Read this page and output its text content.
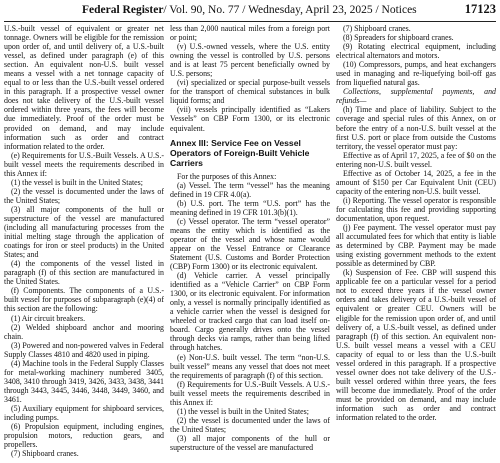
Federal Register/ Vol. 90, No. 77 / Wednesday, April 23, 2025 / Notices	17123

U.S.-built vessel of equivalent or greater net tonnage. Owners will be eligible for the remission upon order of, and until delivery of, a U.S.-built vessel, as defined under paragraph (e) of this section. An equivalent non-U.S. built vessel means a vessel with a net tonnage capacity of equal to or less than the U.S.-built vessel ordered in this paragraph. If a prospective vessel owner does not take delivery of the U.S.-built vessel ordered within three years, the fees will become due immediately. Proof of the order must be provided on demand, and may include information such as order and contract information related to the order.

(e) Requirements for U.S.-Built Vessels. A U.S.-built vessel meets the requirements described in this Annex if:

(1) the vessel is built in the United States;

(2) the vessel is documented under the laws of the United States;

(3) all major components of the hull or superstructure of the vessel are manufactured (including all manufacturing processes from the initial melting stage through the application of coatings for iron or steel products) in the United States; and

(4) the components of the vessel listed in paragraph (f) of this section are manufactured in the United States.

(f) Components. The components of a U.S.-built vessel for purposes of subparagraph (e)(4) of this section are the following:

(1) Air circuit breakers.

(2) Welded shipboard anchor and mooring chain.

(3) Powered and non-powered valves in Federal Supply Classes 4810 and 4820 used in piping.

(4) Machine tools in the Federal Supply Classes for metal-working machinery numbered 3405, 3408, 3410 through 3419, 3426, 3433, 3438, 3441 through 3443, 3445, 3446, 3448, 3449, 3460, and 3461.

(5) Auxiliary equipment for shipboard services, including pumps.

(6) Propulsion equipment, including engines, propulsion motors, reduction gears, and propellers.

(7) Shipboard cranes.

less than 2,000 nautical miles from a foreign port or point;

(v) U.S.-owned vessels, where the U.S. entity owning the vessel is controlled by U.S. persons and is at least 75 percent beneficially owned by U.S. persons;

(vi) specialized or special purpose-built vessels for the transport of chemical substances in bulk liquid forms; and

(vii) vessels principally identified as “Lakers Vessels” on CBP Form 1300, or its electronic equivalent.

Annex III: Service Fee on Vessel Operators of Foreign-Built Vehicle Carriers

For the purposes of this Annex:

(a) Vessel. The term “vessel” has the meaning defined in 19 CFR 4.0(a).

(b) U.S. port. The term “U.S. port” has the meaning defined in 19 CFR 101.3(b)(1).

(c) Vessel operator. The term “vessel operator” means the entity which is identified as the operator of the vessel and whose name would appear on the Vessel Entrance or Clearance Statement (U.S. Customs and Border Protection (CBP) Form 1300) or its electronic equivalent.

(d) Vehicle carrier. A vessel principally identified as a “Vehicle Carrier” on CBP Form 1300, or its electronic equivalent. For information only, a vessel is normally principally identified as a vehicle carrier when the vessel is designed for wheeled or tracked cargo that can load itself on-board. Cargo generally drives onto the vessel through decks via ramps, rather than being lifted through hatches.

(e) Non-U.S. built vessel. The term “non-U.S. built vessel” means any vessel that does not meet the requirements of paragraph (f) of this section.

(f) Requirements for U.S.-Built Vessels. A U.S.-built vessel meets the requirements described in this Annex if:

(1) the vessel is built in the United States;

(2) the vessel is documented under the laws of the United States;

(3) all major components of the hull or superstructure of the vessel are manufactured

(7) Shipboard cranes.

(8) Spreaders for shipboard cranes.

(9) Rotating electrical equipment, including electrical alternators and motors.

(10) Compressors, pumps, and heat exchangers used in managing and re-liquefying boil-off gas from liquefied natural gas.

Collections, supplemental payments, and refunds—

(h) Time and place of liability. Subject to the coverage and special rules of this Annex, on or before the entry of a non-U.S. built vessel at the first U.S. port or place from outside the Customs territory, the vessel operator must pay:

Effective as of April 17, 2025, a fee of $0 on the entering non-U.S. built vessel.

Effective as of October 14, 2025, a fee in the amount of $150 per Car Equivalent Unit (CEU) capacity of the entering non-U.S. built vessel.

(i) Reporting. The vessel operator is responsible for calculating this fee and providing supporting documentation, upon request.

(j) Fee payment. The vessel operator must pay all accumulated fees for which that entity is liable as determined by CBP. Payment may be made using existing government methods to the extent possible as determined by CBP.

(k) Suspension of Fee. CBP will suspend this applicable fee on a particular vessel for a period not to exceed three years if the vessel owner orders and takes delivery of a U.S.-built vessel of equivalent or greater CEU. Owners will be eligible for the remission upon order of, and until delivery of, a U.S.-built vessel, as defined under paragraph (f) of this section. An equivalent non-U.S. built vessel means a vessel with a CEU capacity of equal to or less than the U.S.-built vessel ordered in this paragraph. If a prospective vessel owner does not take delivery of the U.S.-built vessel ordered within three years, the fees will become due immediately. Proof of the order must be provided on demand, and may include information such as order and contract information related to the order.
